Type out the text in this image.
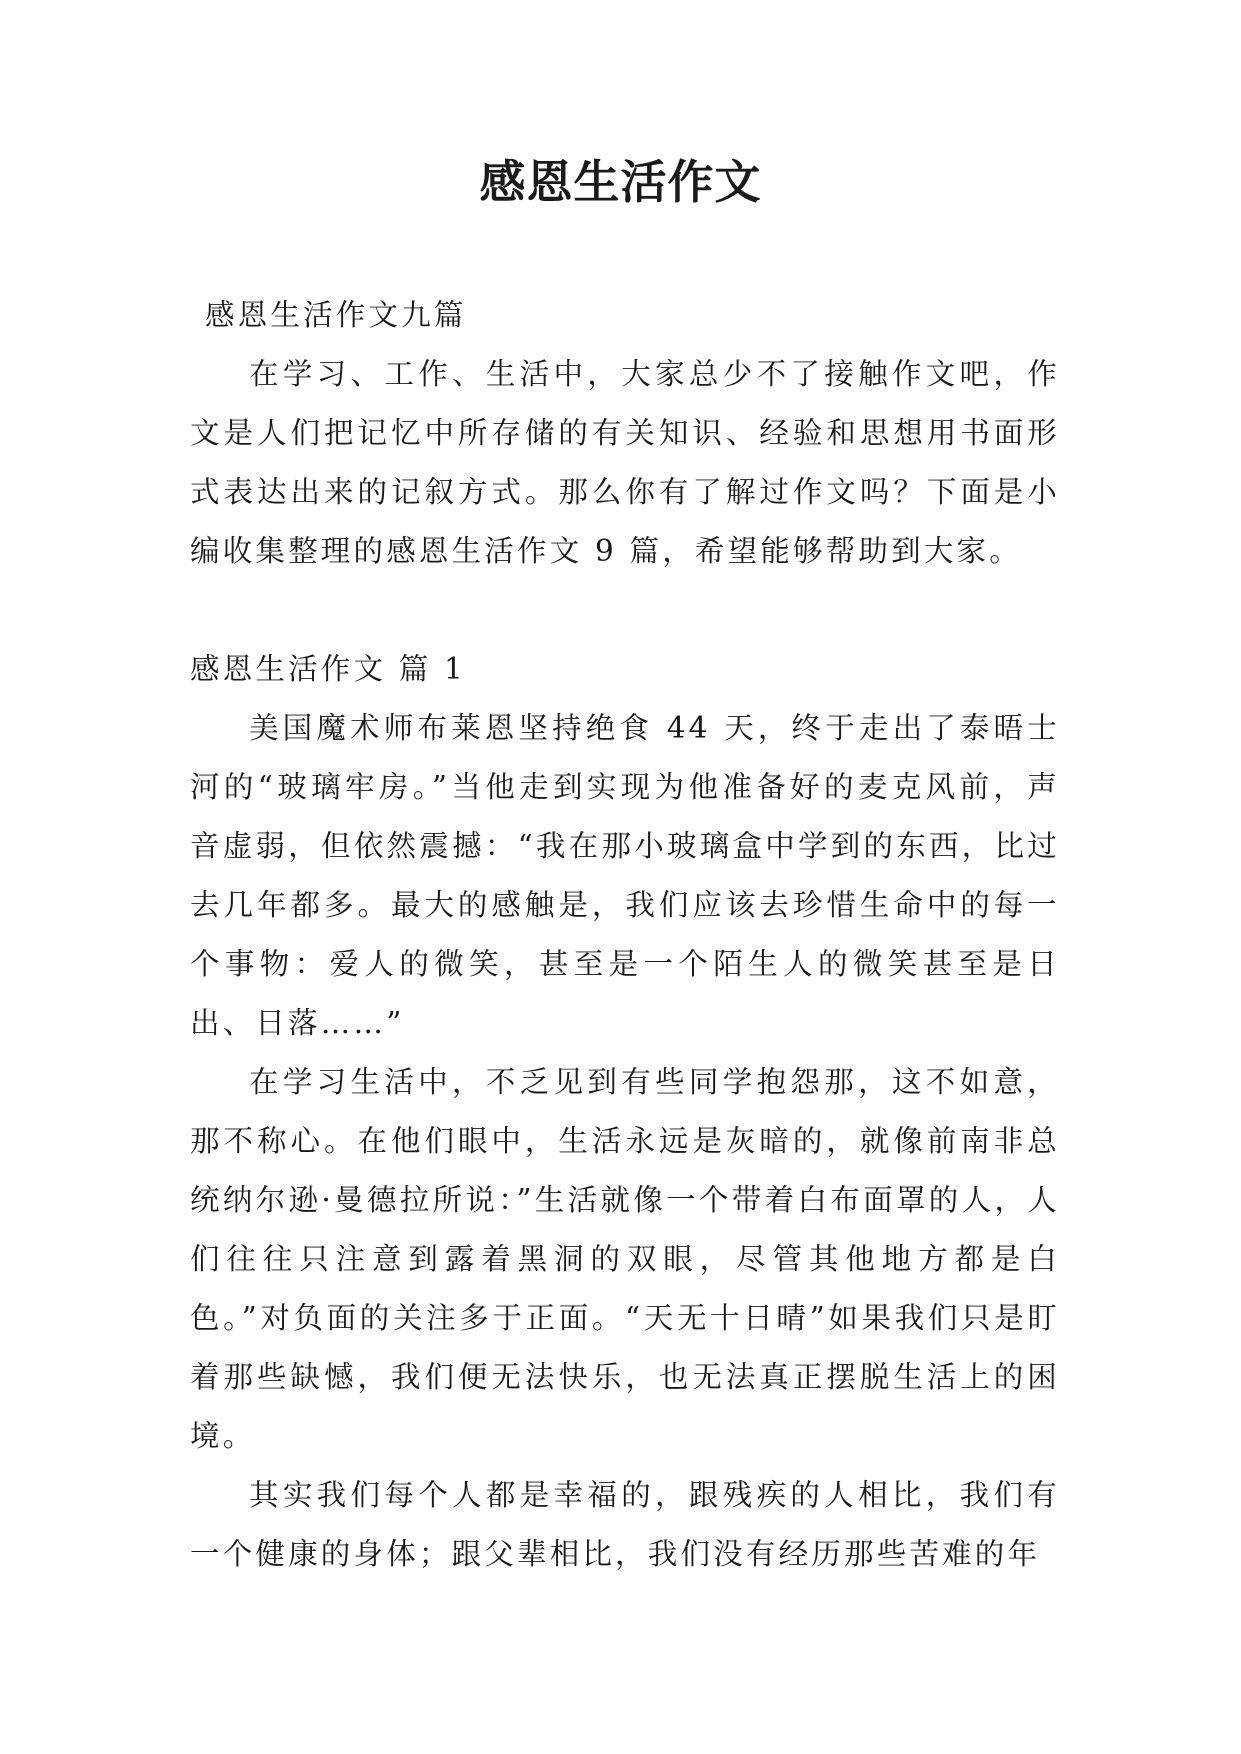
感恩生活作文

感恩生活作文九篇

在学习、工作、生活中，大家总少不了接触作文吧，作文是人们把记忆中所存储的有关知识、经验和思想用书面形式表达出来的记叙方式。那么你有了解过作文吗？下面是小编收集整理的感恩生活作文 9 篇，希望能够帮助到大家。

感恩生活作文 篇 1

美国魔术师布莱恩坚持绝食 44 天，终于走出了泰晤士河的“玻璃牢房。”当他走到实现为他准备好的麦克风前，声音虚弱，但依然震撼：“我在那小玻璃盒中学到的东西，比过去几年都多。最大的感触是，我们应该去珍惜生命中的每一个事物：爱人的微笑，甚至是一个陌生人的微笑甚至是日出、日落……”

在学习生活中，不乏见到有些同学抱怨那，这不如意，那不称心。在他们眼中，生活永远是灰暗的，就像前南非总统纳尔逊·曼德拉所说：”生活就像一个带着白布面罩的人，人们往往只注意到露着黑洞的双眼，尽管其他地方都是白色。”对负面的关注多于正面。“天无十日晴”如果我们只是盯着那些缺憾，我们便无法快乐，也无法真正摆脱生活上的困境。

其实我们每个人都是幸福的，跟残疾的人相比，我们有一个健康的身体；跟父辈相比，我们没有经历那些苦难的年
